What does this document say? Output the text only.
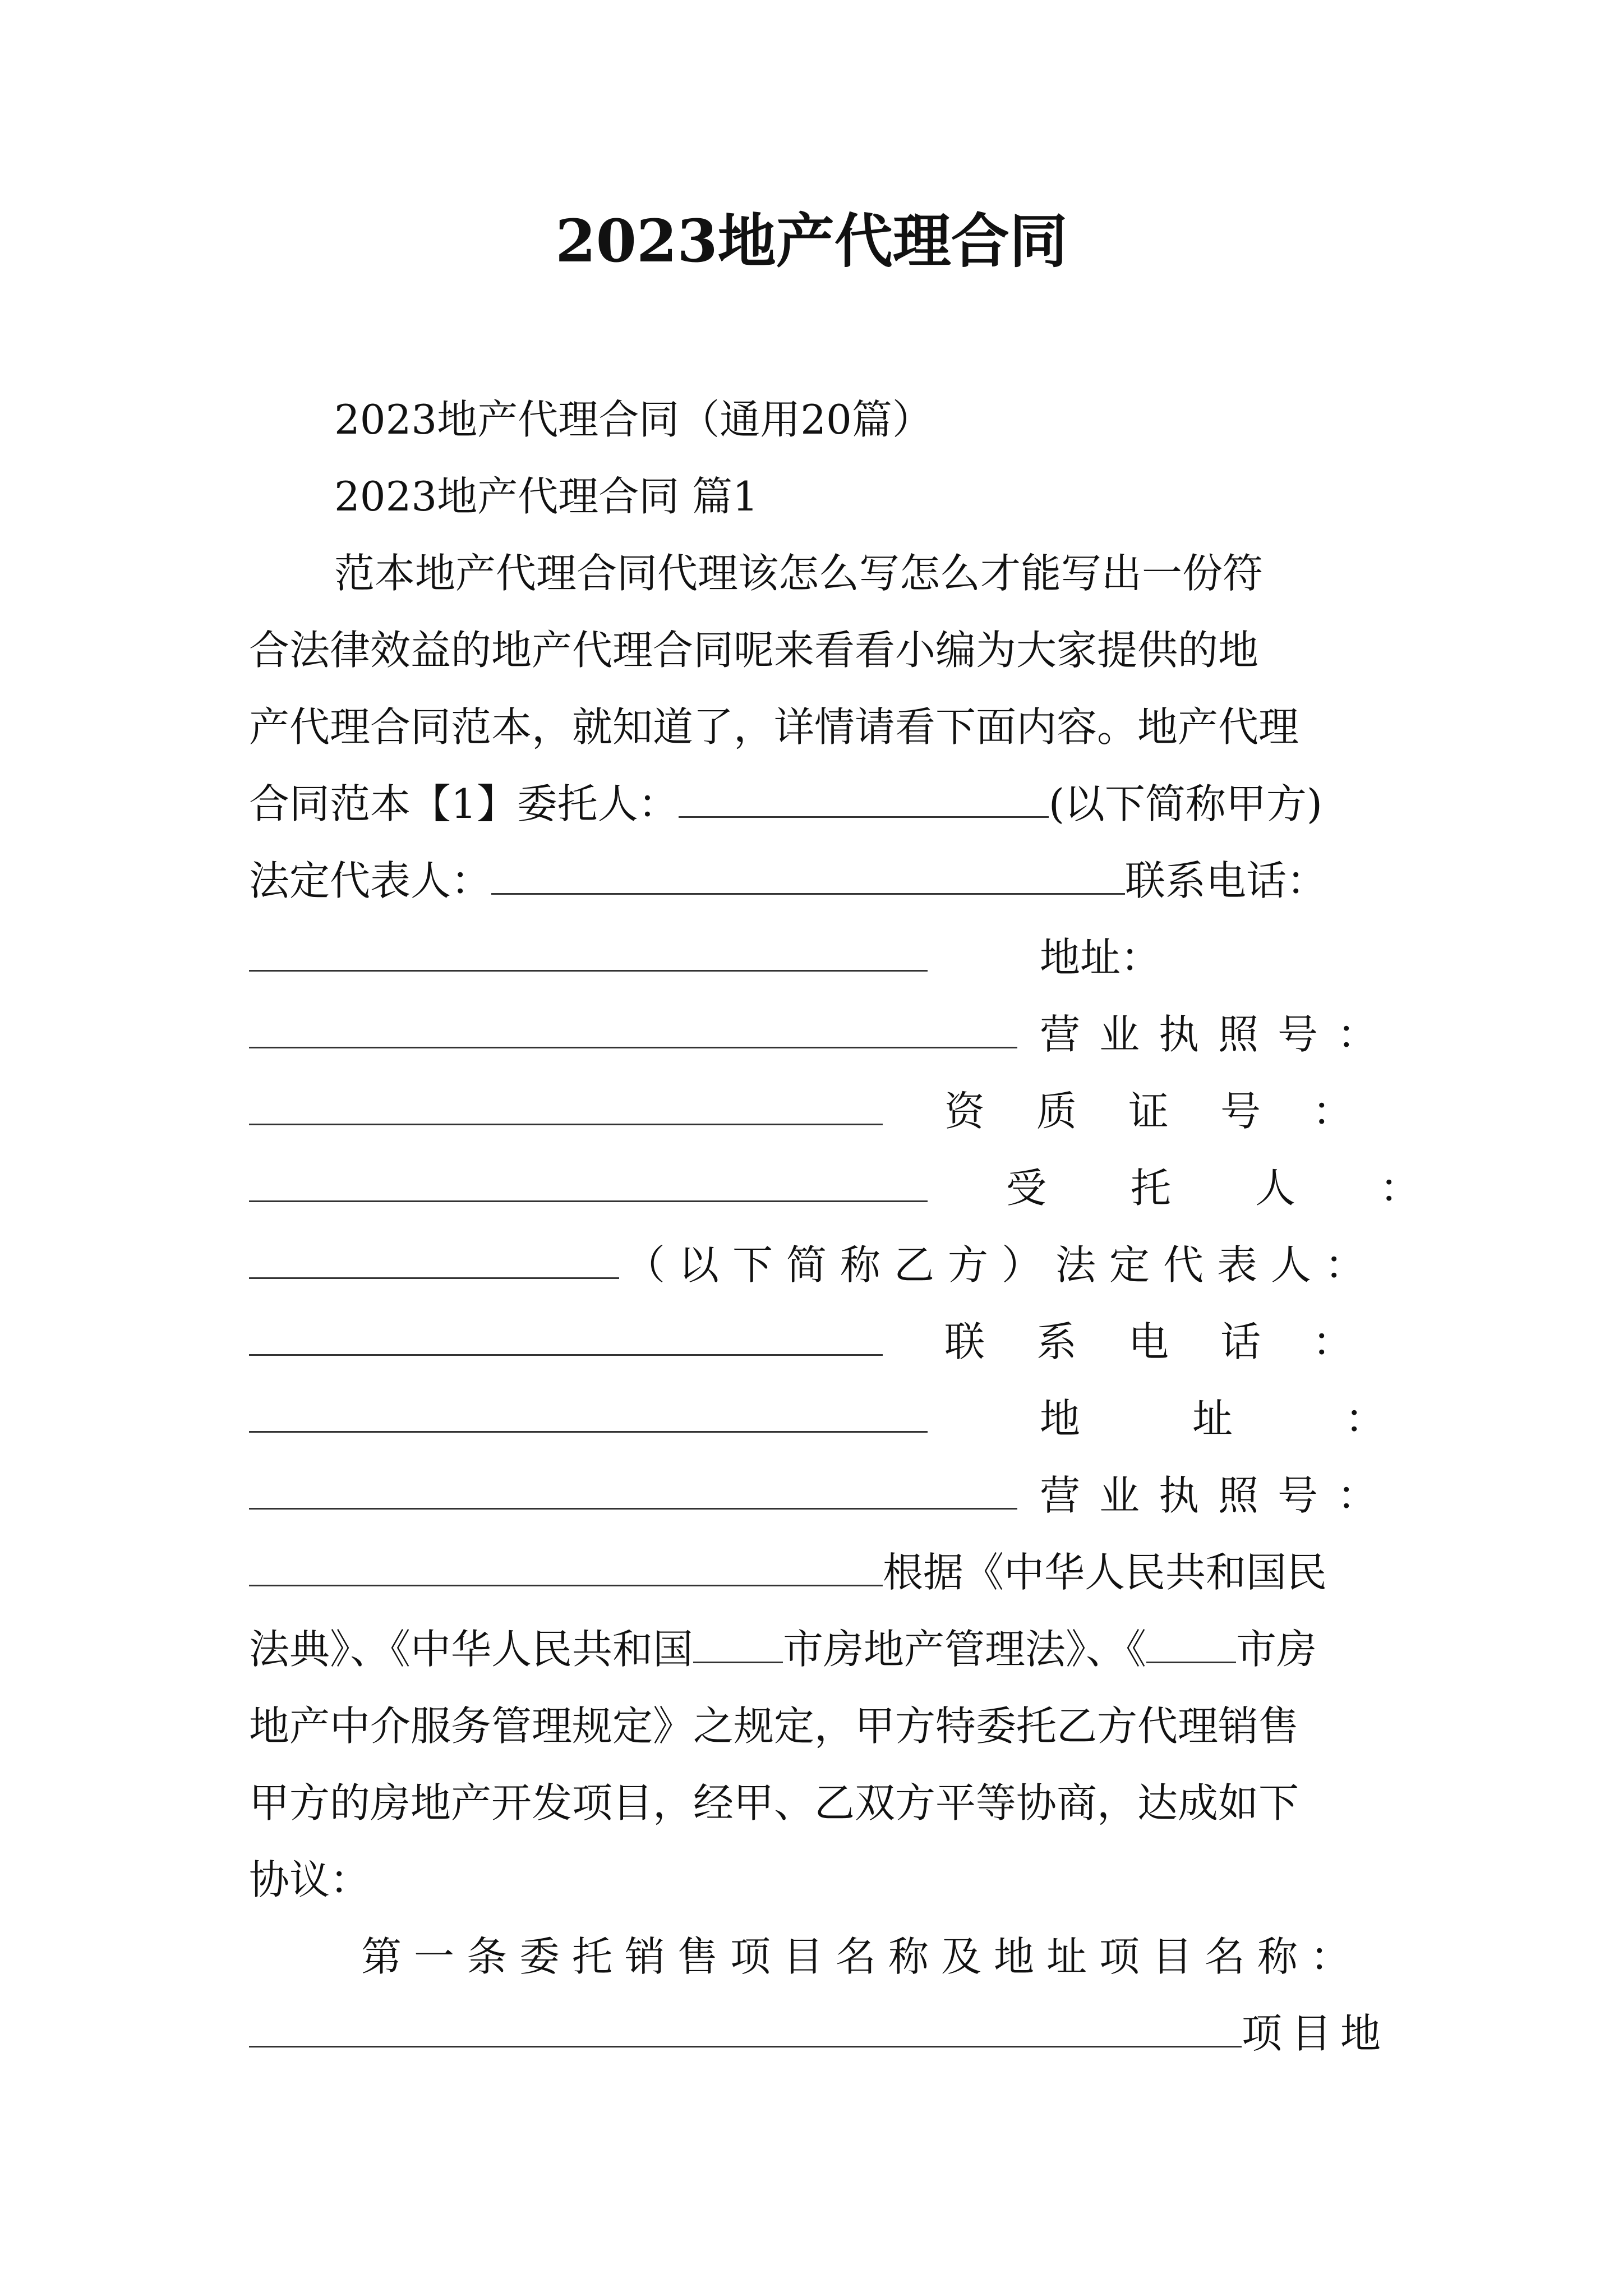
2023地产代理合同
2023地产代理合同（通用20篇）
2023地产代理合同 篇1
范本地产代理合同代理该怎么写怎么才能写出一份符
合法律效益的地产代理合同呢来看看小编为大家提供的地
产代理合同范本，就知道了，详情请看下面内容。地产代理
合同范本【1】委托人：	(以下简称甲方)
法定代表人：	联系电话：
地址：
营业执照号：
资质证号：
受托人：
（以下简称乙方）法定代表人：
联系电话：
地址：
营业执照号：
根据《中华人民共和国民
法典》、《中华人民共和国 市房地产管理法》、《 市房
地产中介服务管理规定》之规定，甲方特委托乙方代理销售
甲方的房地产开发项目，经甲、乙双方平等协商，达成如下
协议：
第一条委托销售项目名称及地址项目名称：
项目地
